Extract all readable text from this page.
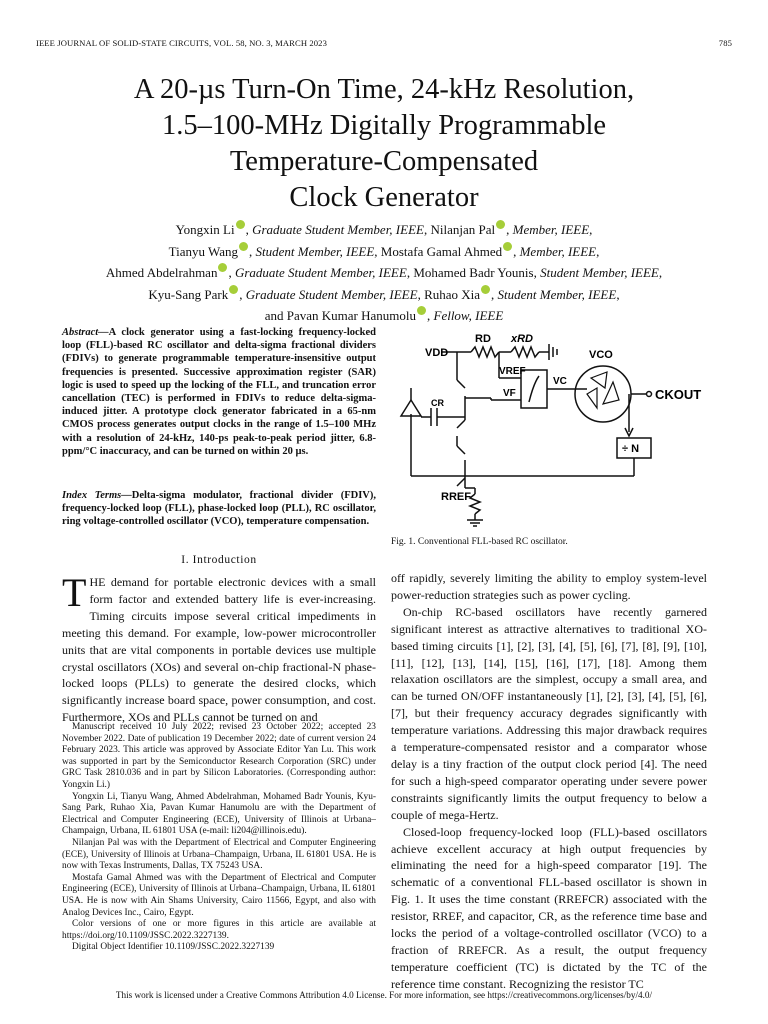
IEEE JOURNAL OF SOLID-STATE CIRCUITS, VOL. 58, NO. 3, MARCH 2023	785
A 20-µs Turn-On Time, 24-kHz Resolution,
1.5–100-MHz Digitally Programmable
Temperature-Compensated
Clock Generator
Yongxin Li , Graduate Student Member, IEEE, Nilanjan Pal , Member, IEEE,
Tianyu Wang , Student Member, IEEE, Mostafa Gamal Ahmed , Member, IEEE,
Ahmed Abdelrahman , Graduate Student Member, IEEE, Mohamed Badr Younis, Student Member, IEEE,
Kyu-Sang Park , Graduate Student Member, IEEE, Ruhao Xia , Student Member, IEEE,
and Pavan Kumar Hanumolu , Fellow, IEEE
Abstract—A clock generator using a fast-locking frequency-locked loop (FLL)-based RC oscillator and delta-sigma fractional dividers (FDIVs) to generate programmable temperature-insensitive output frequencies is presented. Successive approximation register (SAR) logic is used to speed up the locking of the FLL, and truncation error cancellation (TEC) is performed in FDIVs to reduce delta-sigma-induced jitter. A prototype clock generator fabricated in a 65-nm CMOS process generates output clocks in the range of 1.5–100 MHz with a resolution of 24-kHz, 140-ps peak-to-peak period jitter, 6.8-ppm/°C inaccuracy, and can be turned on within 20 µs.
Index Terms—Delta-sigma modulator, fractional divider (FDIV), frequency-locked loop (FLL), phase-locked loop (PLL), RC oscillator, ring voltage-controlled oscillator (VCO), temperature compensation.
I. Introduction
THE demand for portable electronic devices with a small form factor and extended battery life is ever-increasing. Timing circuits impose several critical impediments in meeting this demand. For example, low-power microcontroller units that are vital components in portable devices use multiple crystal oscillators (XOs) and several on-chip fractional-N phase-locked loops (PLLs) to generate the desired clocks, which significantly increase board space, power consumption, and cost. Furthermore, XOs and PLLs cannot be turned on and

Manuscript received 10 July 2022; revised 23 October 2022; accepted 23 November 2022. Date of publication 19 December 2022; date of current version 24 February 2023. This article was approved by Associate Editor Yan Lu. This work was supported in part by the Semiconductor Research Corporation (SRC) under GRC Task 2810.036 and in part by Silicon Laboratories. (Corresponding author: Yongxin Li.)

Yongxin Li, Tianyu Wang, Ahmed Abdelrahman, Mohamed Badr Younis, Kyu-Sang Park, Ruhao Xia, Pavan Kumar Hanumolu are with the Department of Electrical and Computer Engineering (ECE), University of Illinois at Urbana–Champaign, Urbana, IL 61801 USA (e-mail: li204@illinois.edu).

Nilanjan Pal was with the Department of Electrical and Computer Engineering (ECE), University of Illinois at Urbana–Champaign, Urbana, IL 61801 USA. He is now with Texas Instruments, Dallas, TX 75243 USA.

Mostafa Gamal Ahmed was with the Department of Electrical and Computer Engineering (ECE), University of Illinois at Urbana–Champaign, Urbana, IL 61801 USA. He is now with Ain Shams University, Cairo 11566, Egypt, and also with Analog Devices Inc., Cairo, Egypt.

Color versions of one or more figures in this article are available at https://doi.org/10.1109/JSSC.2022.3227139.

Digital Object Identifier 10.1109/JSSC.2022.3227139

VDD
RD xRD
VCO
VREF
VC
VF	CKOUT
CR
RREF
÷ N
Fig. 1. Conventional FLL-based RC oscillator.

off rapidly, severely limiting the ability to employ system-level power-reduction strategies such as power cycling.

On-chip RC-based oscillators have recently garnered significant interest as attractive alternatives to traditional XO-based timing circuits [1], [2], [3], [4], [5], [6], [7], [8], [9], [10], [11], [12], [13], [14], [15], [16], [17], [18]. Among them relaxation oscillators are the simplest, occupy a small area, and can be turned ON/OFF instantaneously [1], [2], [3], [4], [5], [6], [7], but their frequency accuracy degrades significantly with temperature variations. Addressing this major drawback requires a temperature-compensated resistor and a comparator whose delay is a tiny fraction of the output clock period [4]. The need for such a high-speed comparator operating under severe power constraints significantly limits the output frequency to below a couple of mega-Hertz.

Closed-loop frequency-locked loop (FLL)-based oscillators achieve excellent accuracy at high output frequencies by eliminating the need for a high-speed comparator [19]. The schematic of a conventional FLL-based oscillator is shown in Fig. 1. It uses the time constant (RREFCR) associated with the resistor, RREF, and capacitor, CR, as the reference time base and locks the period of a voltage-controlled oscillator (VCO) to a fraction of RREFCR. As a result, the output frequency temperature coefficient (TC) is dictated by the TC of the reference time constant. Recognizing the resistor TC

This work is licensed under a Creative Commons Attribution 4.0 License. For more information, see https://creativecommons.org/licenses/by/4.0/
